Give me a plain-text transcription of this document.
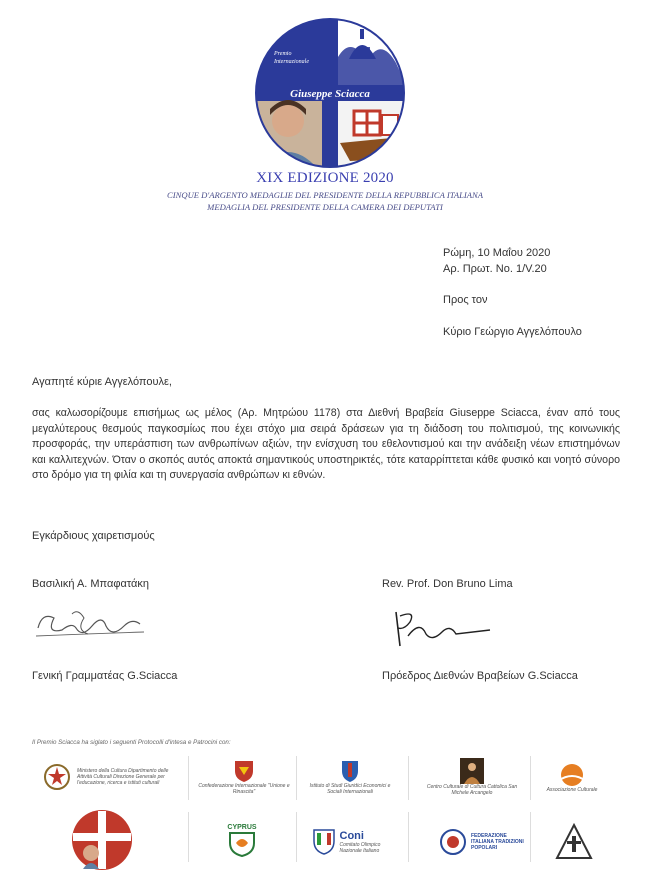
Premio
Internazionale
Giuseppe Sciacca
XIX EDIZIONE 2020
CINQUE D'ARGENTO MEDAGLIE DEL PRESIDENTE DELLA REPUBBLICA ITALIANA
MEDAGLIA DEL PRESIDENTE DELLA CAMERA DEI DEPUTATI
Ρώμη, 10 Μαΐου 2020
Αρ. Πρωτ. Νο. 1/V.20
Προς τον
Κύριο Γεώργιο Αγγελόπουλο
Αγαπητέ κύριε Αγγελόπουλε,
σας καλωσορίζουμε επισήμως ως μέλος (Αρ. Μητρώου 1178) στα Διεθνή Βραβεία Giuseppe Sciacca, έναν από τους μεγαλύτερους θεσμούς παγκοσμίως που έχει στόχο μια σειρά δράσεων για τη διάδοση του πολιτισμού, της κοινωνικής προσφοράς, την υπεράσπιση των ανθρωπίνων αξιών, την ενίσχυση του εθελοντισμού και την ανάδειξη νέων επιστημόνων και καλλιτεχνών. Όταν ο σκοπός αυτός αποκτά σημαντικούς υποστηρικτές, τότε καταρρίπτεται κάθε φυσικό και νοητό σύνορο στο δρόμο για τη φιλία και τη συνεργασία ανθρώπων κι εθνών.
Εγκάρδιους χαιρετισμούς
Βασιλική Α. Μπαφατάκη	Rev. Prof. Don Bruno Lima
Γενική Γραμματέας G.Sciacca	Πρόεδρος Διεθνών Βραβείων G.Sciacca
Il Premio Sciacca ha siglato i seguenti Protocolli d'intesa e Patrocini con:
Ministero della Cultura Dipartimento delle Attività Culturali Direzione Generale per l'educazione, ricerca e istituti culturali	Confederazione Internazionale "Unione e Rinascita"
Istituto di Studi Giuridici Economici e Sociali Internazionali
Centro Culturale di Cultura Cattolica San Michele Arcangelo	Associazione Culturale
CYPRUS
Coni
Comitato Olimpico Nazionale Italiano
FEDERAZIONE ITALIANA TRADIZIONI POPOLARI
